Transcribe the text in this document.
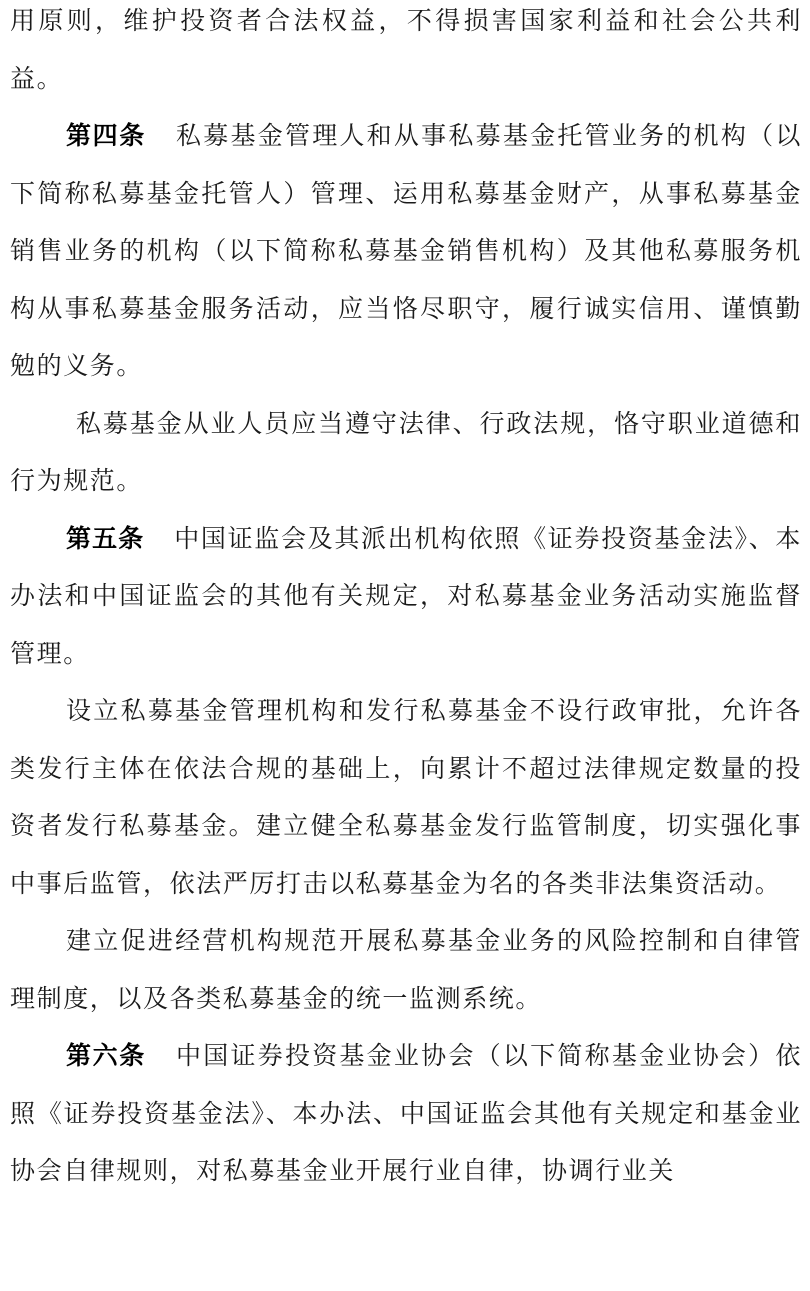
用原则，维护投资者合法权益，不得损害国家利益和社会公共利益。

第四条 私募基金管理人和从事私募基金托管业务的机构（以下简称私募基金托管人）管理、运用私募基金财产，从事私募基金销售业务的机构（以下简称私募基金销售机构）及其他私募服务机构从事私募基金服务活动，应当恪尽职守，履行诚实信用、谨慎勤勉的义务。

私募基金从业人员应当遵守法律、行政法规，恪守职业道德和行为规范。

第五条 中国证监会及其派出机构依照《证券投资基金法》、本办法和中国证监会的其他有关规定，对私募基金业务活动实施监督管理。

设立私募基金管理机构和发行私募基金不设行政审批，允许各类发行主体在依法合规的基础上，向累计不超过法律规定数量的投资者发行私募基金。建立健全私募基金发行监管制度，切实强化事中事后监管，依法严厉打击以私募基金为名的各类非法集资活动。

建立促进经营机构规范开展私募基金业务的风险控制和自律管理制度，以及各类私募基金的统一监测系统。

第六条 中国证券投资基金业协会（以下简称基金业协会）依照《证券投资基金法》、本办法、中国证监会其他有关规定和基金业协会自律规则，对私募基金业开展行业自律，协调行业关
